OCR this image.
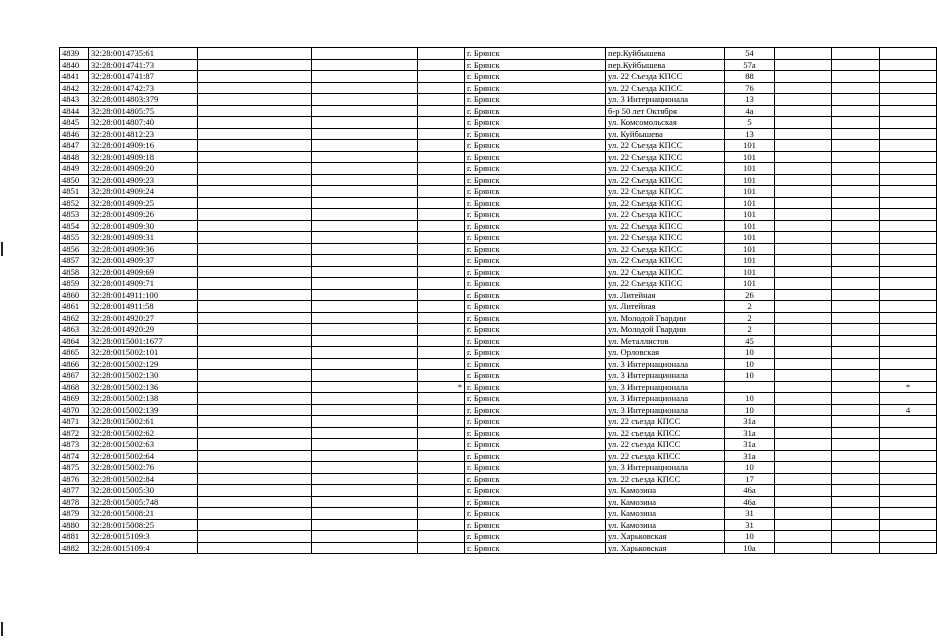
4839	32:28:0014735:61				г. Брянск	пер.Куйбышева	54			
4840	32:28:0014741:73				г. Брянск	пер.Куйбышева	57а			
4841	32:28:0014741:87				г. Брянск	ул. 22 Съезда КПСС	88			
4842	32:28:0014742:73				г. Брянск	ул. 22 Съезда КПСС	76			
4843	32:28:0014803:379				г. Брянск	ул. 3 Интернационала	13			
4844	32:28:0014805:75				г. Брянск	б-р 50 лет Октября	4а			
4845	32:28:0014807:40				г. Брянск	ул. Комсомольская	5			
4846	32:28:0014812:23				г. Брянск	ул. Куйбышева	13			
4847	32:28:0014909:16				г. Брянск	ул. 22 Съезда КПСС	101			
4848	32:28:0014909:18				г. Брянск	ул. 22 Съезда КПСС	101			
4849	32:28:0014909:20				г. Брянск	ул. 22 Съезда КПСС	101			
4850	32:28:0014909:23				г. Брянск	ул. 22 Съезда КПСС	101			
4851	32:28:0014909:24				г. Брянск	ул. 22 Съезда КПСС	101			
4852	32:28:0014909:25				г. Брянск	ул. 22 Съезда КПСС	101			
4853	32:28:0014909:26				г. Брянск	ул. 22 Съезда КПСС	101			
4854	32:28:0014909:30				г. Брянск	ул. 22 Съезда КПСС	101			
4855	32:28:0014909:31				г. Брянск	ул. 22 Съезда КПСС	101			
4856	32:28:0014909:36				г. Брянск	ул. 22 Съезда КПСС	101			
4857	32:28:0014909:37				г. Брянск	ул. 22 Съезда КПСС	101			
4858	32:28:0014909:69				г. Брянск	ул. 22 Съезда КПСС	101			
4859	32:28:0014909:71				г. Брянск	ул. 22 Съезда КПСС	101			
4860	32:28:0014911:100				г. Брянск	ул. Литейная	26			
4861	32:28:0014911:58				г. Брянск	ул. Литейная	2			
4862	32:28:0014920:27				г. Брянск	ул. Молодой Гвардии	2			
4863	32:28:0014920:29				г. Брянск	ул. Молодой Гвардии	2			
4864	32:28:0015001:1677				г. Брянск	ул. Металлистов	45			
4865	32:28:0015002:101				г. Брянск	ул. Орловская	10			
4866	32:28:0015002:129				г. Брянск	ул. 3 Интернационала	10			
4867	32:28:0015002:130				г. Брянск	ул. 3 Интернационала	10			
4868	32:28:0015002:136			*	г. Брянск	ул. 3 Интернационала				*
4869	32:28:0015002:138				г. Брянск	ул. 3 Интернационала	10			
4870	32:28:0015002:139				г. Брянск	ул. 3 Интернационала	10			4
4871	32:28:0015002:61				г. Брянск	ул. 22 съезда КПСС	31а			
4872	32:28:0015002:62				г. Брянск	ул. 22 съезда КПСС	31а			
4873	32:28:0015002:63				г. Брянск	ул. 22 съезда КПСС	31а			
4874	32:28:0015002:64				г. Брянск	ул. 22 съезда КПСС	31а			
4875	32:28:0015002:76				г. Брянск	ул. 3 Интернационала	10			
4876	32:28:0015002:84				г. Брянск	ул. 22 съезда КПСС	17			
4877	32:28:0015005:30				г. Брянск	ул. Камозина	46а			
4878	32:28:0015005:748				г. Брянск	ул. Камозина	46а			
4879	32:28:0015008:21				г. Брянск	ул. Камозина	31			
4880	32:28:0015008:25				г. Брянск	ул. Камозина	31			
4881	32:28:0015109:3				г. Брянск	ул. Харьковская	10			
4882	32:28:0015109:4				г. Брянск	ул. Харьковская	10а			
